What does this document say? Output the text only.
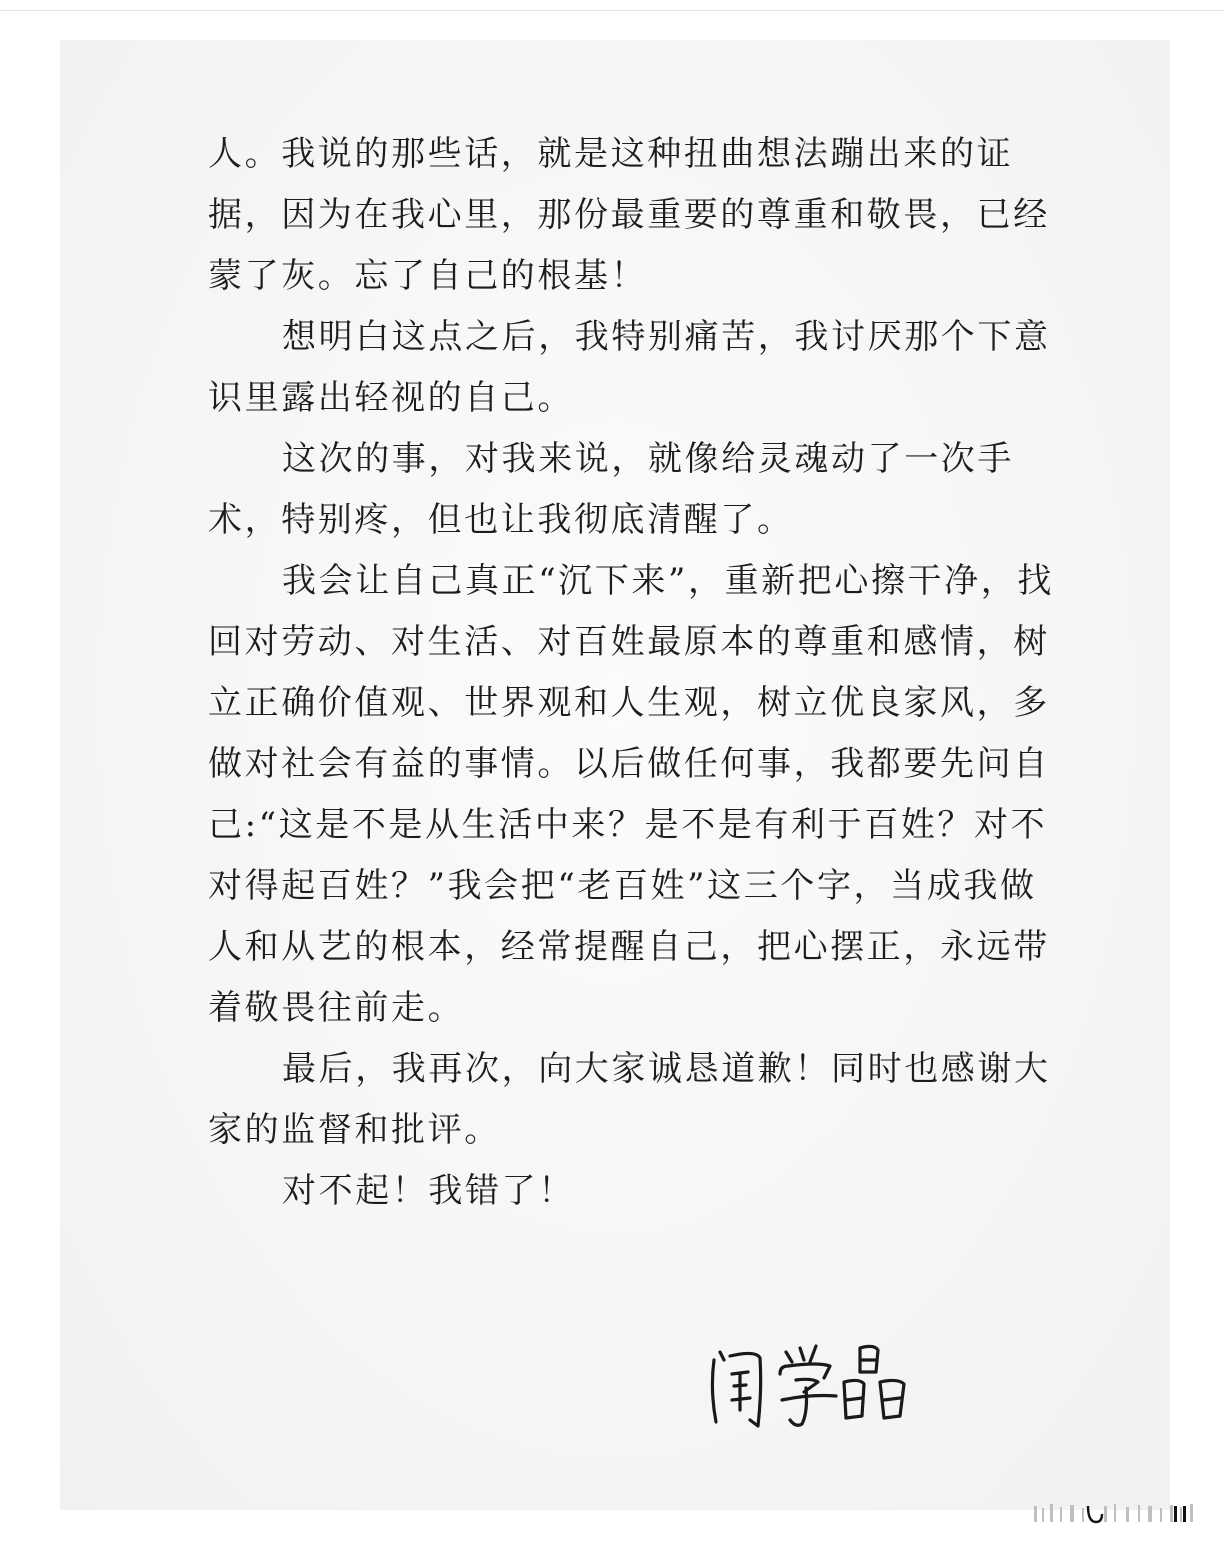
人。我说的那些话，就是这种扭曲想法蹦出来的证据，因为在我心里，那份最重要的尊重和敬畏，已经蒙了灰。忘了自己的根基！

想明白这点之后，我特别痛苦，我讨厌那个下意识里露出轻视的自己。

这次的事，对我来说，就像给灵魂动了一次手术，特别疼，但也让我彻底清醒了。

我会让自己真正“沉下来”，重新把心擦干净，找回对劳动、对生活、对百姓最原本的尊重和感情，树立正确价值观、世界观和人生观，树立优良家风，多做对社会有益的事情。以后做任何事，我都要先问自己:“这是不是从生活中来？是不是有利于百姓？对不对得起百姓？”我会把“老百姓”这三个字，当成我做人和从艺的根本，经常提醒自己，把心摆正，永远带着敬畏往前走。

最后，我再次，向大家诚恳道歉！同时也感谢大家的监督和批评。

对不起！我错了！
